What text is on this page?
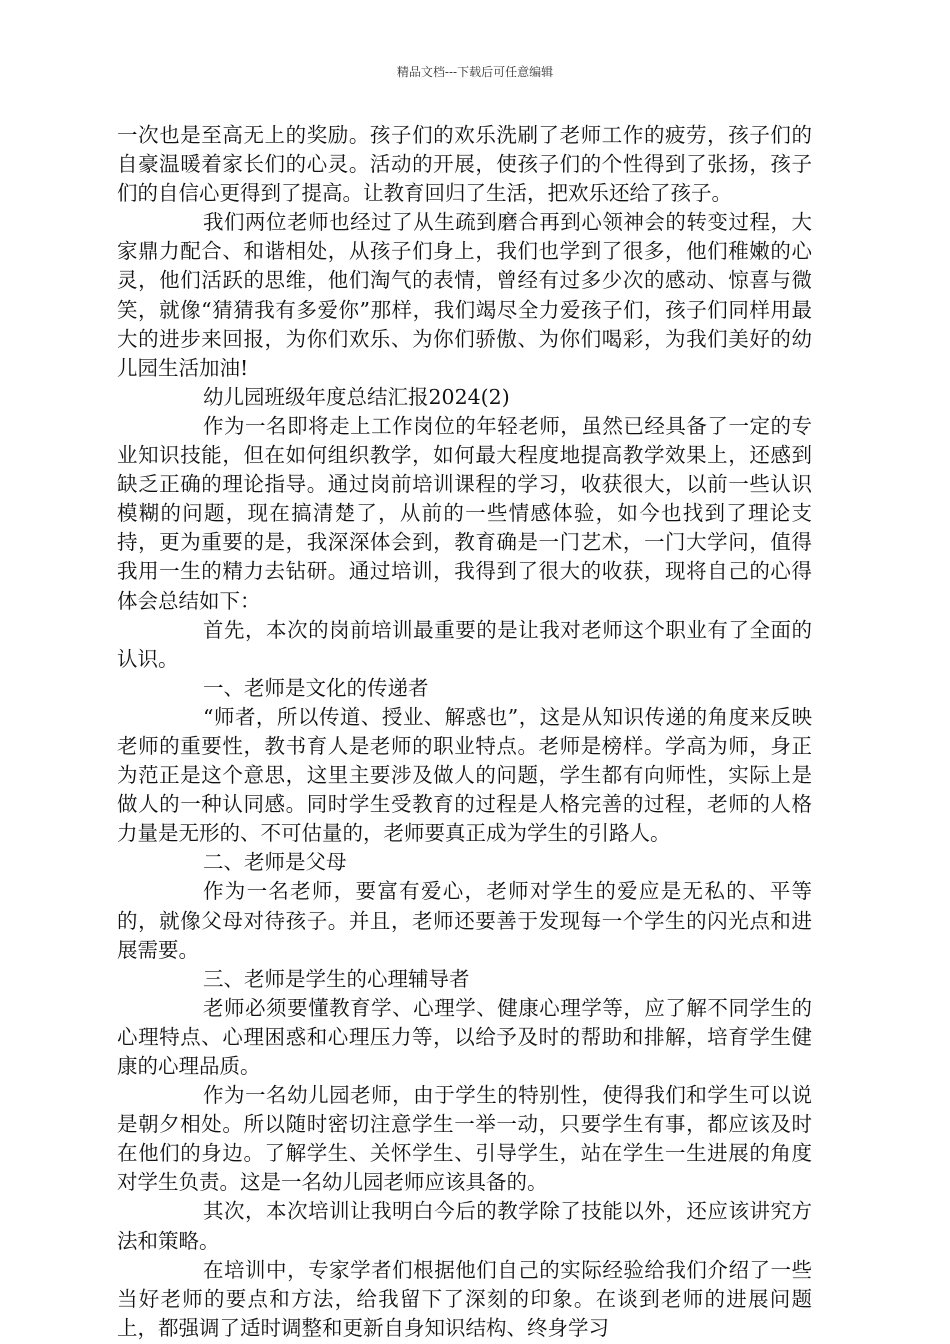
精品文档---下载后可任意编辑

一次也是至高无上的奖励。孩子们的欢乐洗刷了老师工作的疲劳，孩子们的自豪温暖着家长们的心灵。活动的开展，使孩子们的个性得到了张扬，孩子们的自信心更得到了提高。让教育回归了生活，把欢乐还给了孩子。

我们两位老师也经过了从生疏到磨合再到心领神会的转变过程，大家鼎力配合、和谐相处，从孩子们身上，我们也学到了很多，他们稚嫩的心灵，他们活跃的思维，他们淘气的表情，曾经有过多少次的感动、惊喜与微笑，就像“猜猜我有多爱你”那样，我们竭尽全力爱孩子们，孩子们同样用最大的进步来回报，为你们欢乐、为你们骄傲、为你们喝彩，为我们美好的幼儿园生活加油!

幼儿园班级年度总结汇报2024(2)

作为一名即将走上工作岗位的年轻老师，虽然已经具备了一定的专业知识技能，但在如何组织教学，如何最大程度地提高教学效果上，还感到缺乏正确的理论指导。通过岗前培训课程的学习，收获很大，以前一些认识模糊的问题，现在搞清楚了，从前的一些情感体验，如今也找到了理论支持，更为重要的是，我深深体会到，教育确是一门艺术，一门大学问，值得我用一生的精力去钻研。通过培训，我得到了很大的收获，现将自己的心得体会总结如下：

首先，本次的岗前培训最重要的是让我对老师这个职业有了全面的认识。

一、老师是文化的传递者

“师者，所以传道、授业、解惑也”，这是从知识传递的角度来反映老师的重要性，教书育人是老师的职业特点。老师是榜样。学高为师，身正为范正是这个意思，这里主要涉及做人的问题，学生都有向师性，实际上是做人的一种认同感。同时学生受教育的过程是人格完善的过程，老师的人格力量是无形的、不可估量的，老师要真正成为学生的引路人。

二、老师是父母

作为一名老师，要富有爱心，老师对学生的爱应是无私的、平等的，就像父母对待孩子。并且，老师还要善于发现每一个学生的闪光点和进展需要。

三、老师是学生的心理辅导者

老师必须要懂教育学、心理学、健康心理学等，应了解不同学生的心理特点、心理困惑和心理压力等，以给予及时的帮助和排解，培育学生健康的心理品质。

作为一名幼儿园老师，由于学生的特别性，使得我们和学生可以说是朝夕相处。所以随时密切注意学生一举一动，只要学生有事，都应该及时在他们的身边。了解学生、关怀学生、引导学生，站在学生一生进展的角度对学生负责。这是一名幼儿园老师应该具备的。

其次，本次培训让我明白今后的教学除了技能以外，还应该讲究方法和策略。

在培训中，专家学者们根据他们自己的实际经验给我们介绍了一些当好老师的要点和方法，给我留下了深刻的印象。在谈到老师的进展问题上，都强调了适时调整和更新自身知识结构、终身学习
